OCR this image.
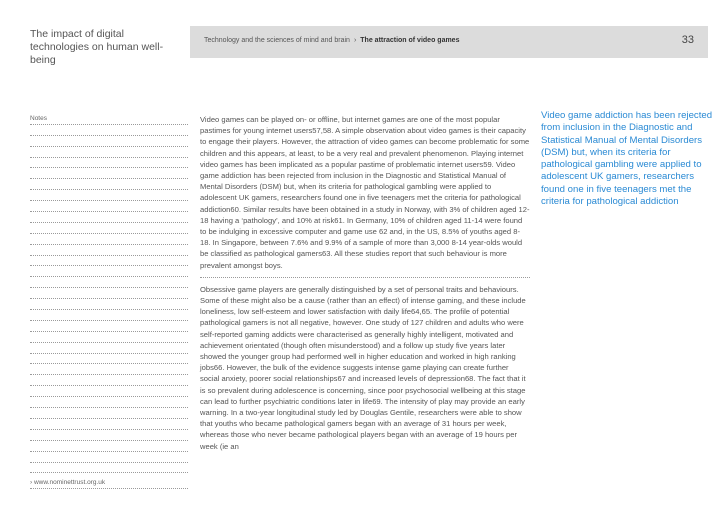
The impact of digital technologies on human well-being
Technology and the sciences of mind and brain › The attraction of video games	33
Notes
› www.nominettrust.org.uk

Video games can be played on- or offline, but internet games are one of the most popular pastimes for young internet users57,58. A simple observation about video games is their capacity to engage their players. However, the attraction of video games can become problematic for some children and this appears, at least, to be a very real and prevalent phenomenon. Playing internet video games has been implicated as a popular pastime of problematic internet users59. Video game addiction has been rejected from inclusion in the Diagnostic and Statistical Manual of Mental Disorders (DSM) but, when its criteria for pathological gambling were applied to adolescent UK gamers, researchers found one in five teenagers met the criteria for pathological addiction60. Similar results have been obtained in a study in Norway, with 3% of children aged 12-18 having a ‘pathology’, and 10% at risk61. In Germany, 10% of children aged 11-14 were found to be indulging in excessive computer and game use 62 and, in the US, 8.5% of youths aged 8-18. In Singapore, between 7.6% and 9.9% of a sample of more than 3,000 8-14 year-olds would be classified as pathological gamers63. All these studies report that such behaviour is more prevalent amongst boys.

Obsessive game players are generally distinguished by a set of personal traits and behaviours. Some of these might also be a cause (rather than an effect) of intense gaming, and these include loneliness, low self-esteem and lower satisfaction with daily life64,65. The profile of potential pathological gamers is not all negative, however. One study of 127 children and adults who were self-reported gaming addicts were characterised as generally highly intelligent, motivated and achievement orientated (though often misunderstood) and a follow up study five years later showed the younger group had performed well in higher education and worked in high ranking jobs66. However, the bulk of the evidence suggests intense game playing can create further social anxiety, poorer social relationships67 and increased levels of depression68. The fact that it is so prevalent during adolescence is concerning, since poor psychosocial wellbeing at this stage can lead to further psychiatric conditions later in life69. The intensity of play may provide an early warning. In a two-year longitudinal study led by Douglas Gentile, researchers were able to show that youths who became pathological gamers began with an average of 31 hours per week, whereas those who never became pathological players began with an average of 19 hours per week (ie an

Video game addiction has been rejected from inclusion in the Diagnostic and Statistical Manual of Mental Disorders (DSM) but, when its criteria for pathological gambling were applied to adolescent UK gamers, researchers found one in five teenagers met the criteria for pathological addiction
